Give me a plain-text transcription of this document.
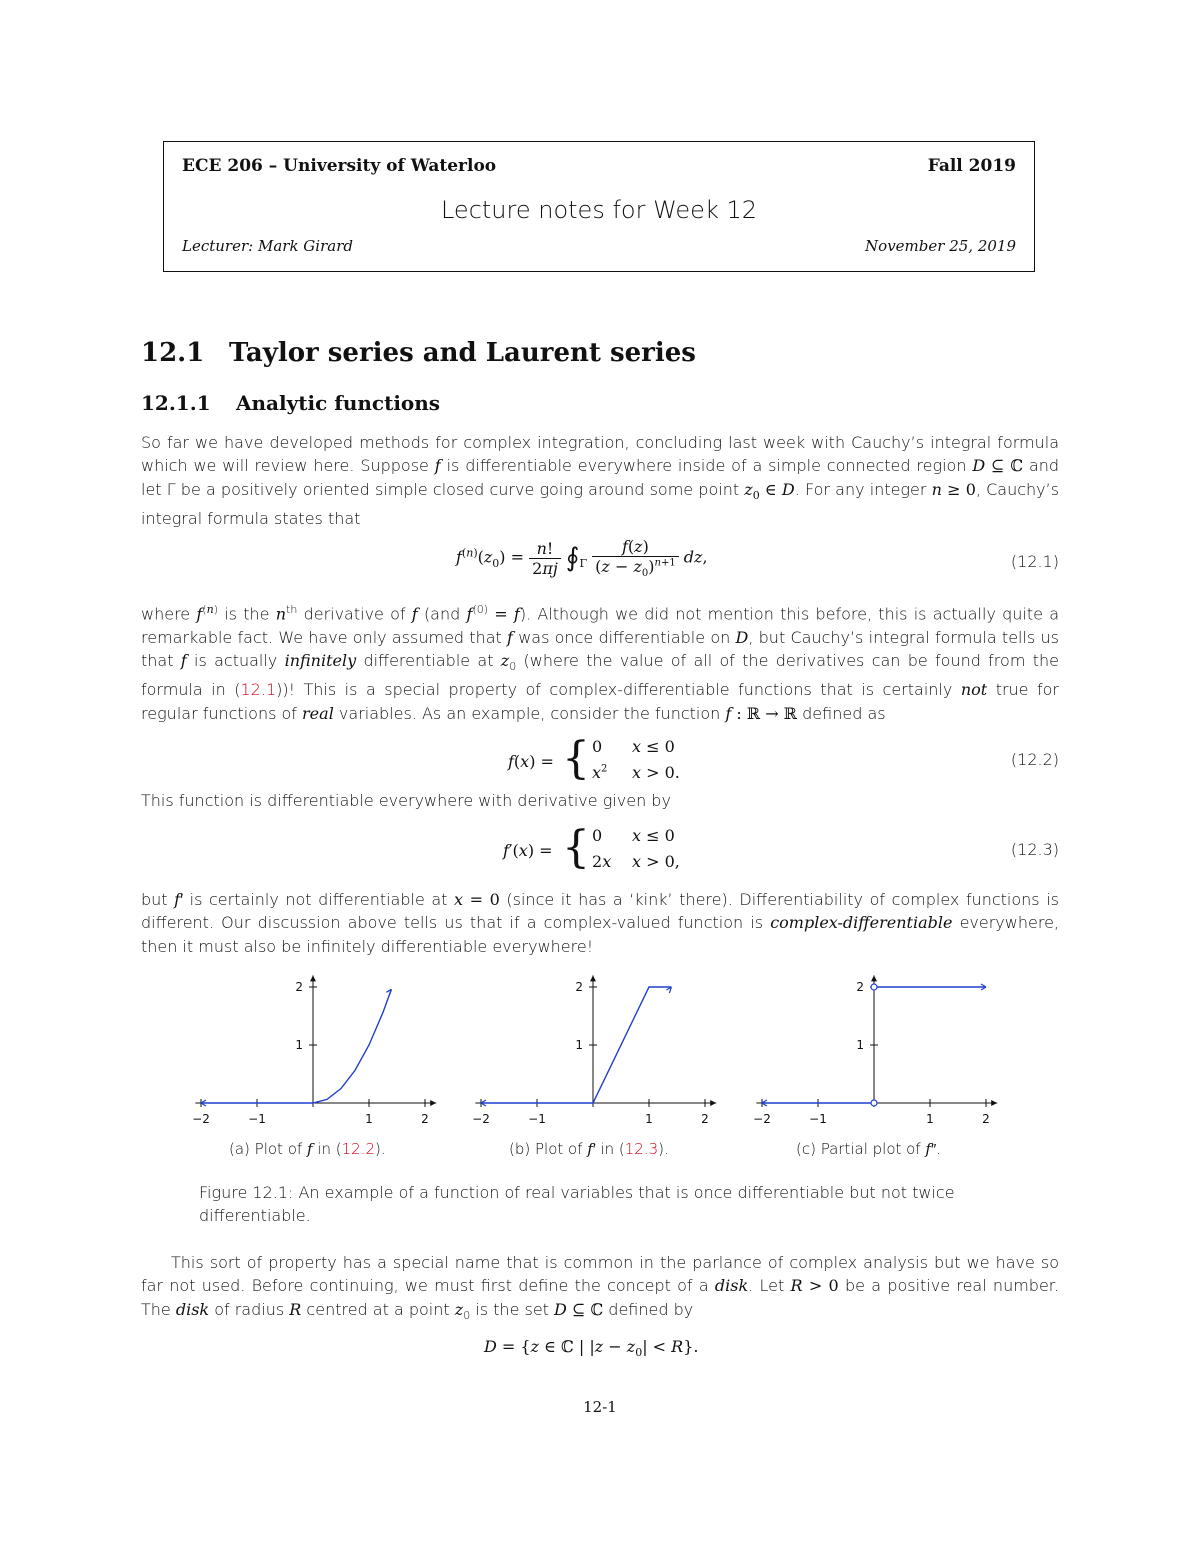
ECE 206 – University of Waterloo	Fall 2019
Lecture notes for Week 12
Lecturer: Mark Girard	November 25, 2019
12.1 Taylor series and Laurent series
12.1.1 Analytic functions
So far we have developed methods for complex integration, concluding last week with Cauchy’s integral formula which we will review here. Suppose f is differentiable everywhere inside of a simple connected region D ⊆ ℂ and let Γ be a positively oriented simple closed curve going around some point $z_0$ ∈ D. For any integer n ≥ 0, Cauchy’s integral formula states that
$f^{(n)}(z_0) = \frac{n!}{2\pi j}$ $∮_\Gamma \frac{f(z)}{(z - z_0)^{n+1}}$ dz,	(12.1)
where $f^{(n)}$ is the $n^{th}$ derivative of f (and $f^{(0)} = f$). Although we did not mention this before, this is actually quite a remarkable fact. We have only assumed that f was once differentiable on D, but Cauchy’s integral formula tells us that f is actually infinitely differentiable at $z_0$ (where the value of all of the derivatives can be found from the formula in (12.1))! This is a special property of complex-differentiable functions that is certainly not true for regular functions of real variables. As an example, consider the function f : ℝ → ℝ defined as
f(x) = { 0 x ≤ 0
$x^2$ x > 0.
(12.2)
This function is differentiable everywhere with derivative given by
f′(x) = { 0 x ≤ 0
2x x > 0,
(12.3)
but f′ is certainly not differentiable at x = 0 (since it has a ‘kink’ there). Differentiability of complex functions is different. Our discussion above tells us that if a complex-valued function is complex-differentiable everywhere, then it must also be infinitely differentiable everywhere!
−2	−1	1	2
1
2
−2	−1	1	2
1
2
−2	−1	1	2
1
2
(a) Plot of f in (12.2).	(b) Plot of f′ in (12.3).	(c) Partial plot of f″.
Figure 12.1: An example of a function of real variables that is once differentiable but not twice differentiable.
This sort of property has a special name that is common in the parlance of complex analysis but we have so far not used. Before continuing, we must first define the concept of a disk. Let R > 0 be a positive real number. The disk of radius R centred at a point $z_0$ is the set D ⊆ ℂ defined by
D = {z ∈ ℂ | $|z - z_0| < R$}.
12-1
